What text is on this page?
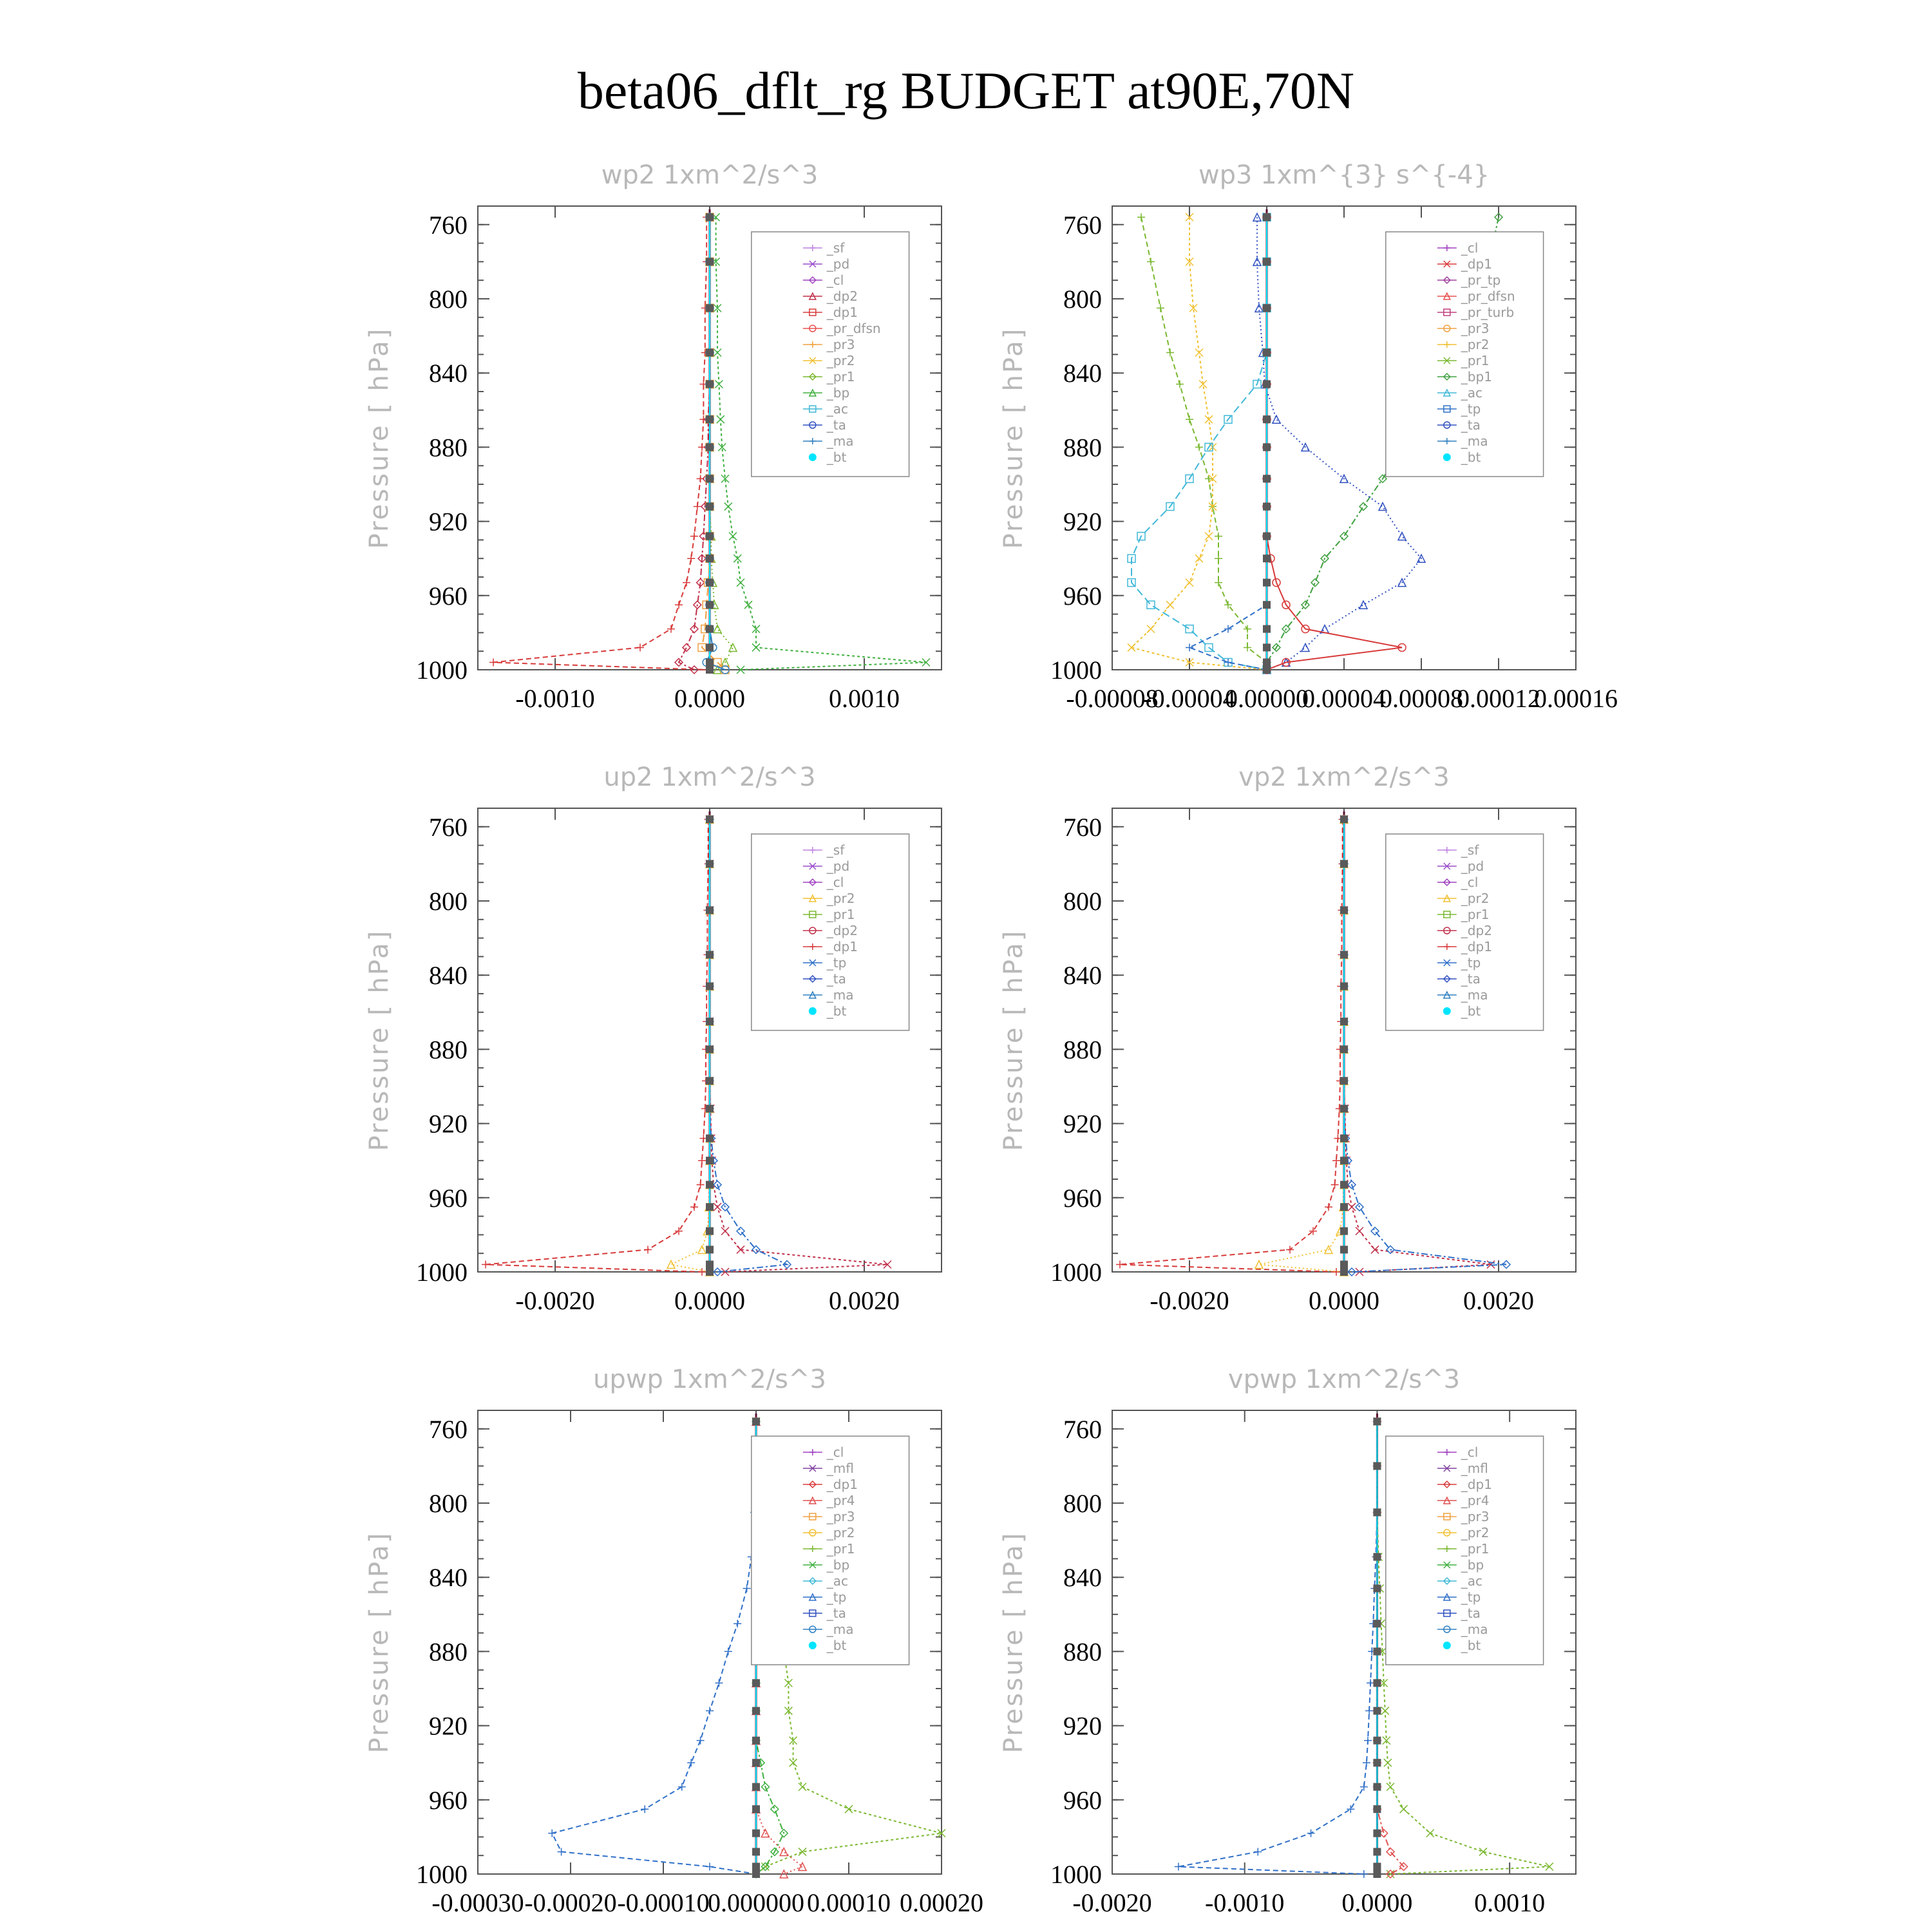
beta06_dflt_rg BUDGET at90E,70N
wp2 1xm^2/s^3
Pressure [ hPa]
760
800
840
880
920
960
1000
-0.0010	0.0000	0.0010
_sf
_pd
_cl
_dp2
_dp1
_pr_dfsn
_pr3
_pr2
_pr1
_bp
_ac
_ta
_ma
_bt
wp3 1xm^{3} s^{-4}
Pressure [ hPa]
760
800
840
880
920
960
1000
-0.00008
-0.00004
0.00000
0.00004
0.00008
0.00012
0.00016
_cl
_dp1
_pr_tp
_pr_dfsn
_pr_turb
_pr3
_pr2
_pr1
_bp1
_ac
_tp
_ta
_ma
_bt
up2 1xm^2/s^3
Pressure [ hPa]
760
800
840
880
920
960
1000
-0.0020	0.0000	0.0020
_sf
_pd
_cl
_pr2
_pr1
_dp2
_dp1
_tp
_ta
_ma
_bt
vp2 1xm^2/s^3
Pressure [ hPa]
760
800
840
880
920
960
1000
-0.0020	0.0000	0.0020
_sf
_pd
_cl
_pr2
_pr1
_dp2
_dp1
_tp
_ta
_ma
_bt
upwp 1xm^2/s^3
Pressure [ hPa]
760
800
840
880
920
960
1000
-0.00030 -0.00020 -0.00010
0.000000 0.00010 0.00020
_cl
_mfl
_dp1
_pr4
_pr3
_pr2
_pr1
_bp
_ac
_tp
_ta
_ma
_bt
vpwp 1xm^2/s^3
Pressure [ hPa]
760
800
840
880
920
960
1000
-0.0020 -0.0010 0.0000 0.0010
_cl
_mfl
_dp1
_pr4
_pr3
_pr2
_pr1
_bp
_ac
_tp
_ta
_ma
_bt
